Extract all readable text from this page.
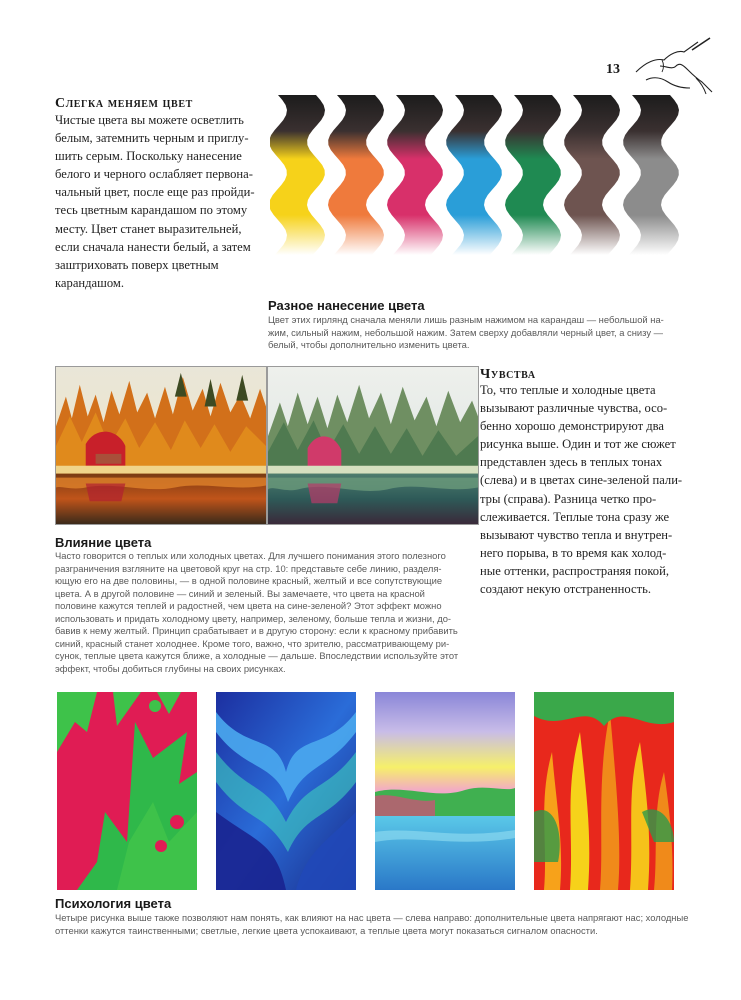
13
Слегка меняем цвет
Чистые цвета вы можете осветлить
белым, затемнить черным и приглу-
шить серым. Поскольку нанесение
белого и черного ослабляет первона-
чальный цвет, после еще раз пройди-
тесь цветным карандашом по этому
месту. Цвет станет выразительней,
если сначала нанести белый, а затем
заштриховать поверх цветным
карандашом.
Разное нанесение цвета
Цвет этих гирлянд сначала меняли лишь разным нажимом на карандаш — небольшой на-
жим, сильный нажим, небольшой нажим. Затем сверху добавляли черный цвет, а снизу —
белый, чтобы дополнительно изменить цвета.
Чувства
То, что теплые и холодные цвета
вызывают различные чувства, осо-
бенно хорошо демонстрируют два
рисунка выше. Один и тот же сюжет
представлен здесь в теплых тонах
(слева) и в цветах сине-зеленой пали-
тры (справа). Разница четко про-
слеживается. Теплые тона сразу же
вызывают чувство тепла и внутрен-
него порыва, в то время как холод-
ные оттенки, распространяя покой,
создают некую отстраненность.
Влияние цвета
Часто говорится о теплых или холодных цветах. Для лучшего понимания этого полезного
разграничения взгляните на цветовой круг на стр. 10: представьте себе линию, разделя-
ющую его на две половины, — в одной половине красный, желтый и все сопутствующие
цвета. А в другой половине — синий и зеленый. Вы замечаете, что цвета на красной
половине кажутся теплей и радостней, чем цвета на сине-зеленой? Этот эффект можно
использовать и придать холодному цвету, например, зеленому, больше тепла и жизни, до-
бавив к нему желтый. Принцип срабатывает и в другую сторону: если к красному прибавить
синий, красный станет холоднее. Кроме того, важно, что зрителю, рассматривающему ри-
сунок, теплые цвета кажутся ближе, а холодные — дальше. Впоследствии используйте этот
эффект, чтобы добиться глубины на своих рисунках.
Психология цвета
Четыре рисунка выше также позволяют нам понять, как влияют на нас цвета — слева направо: дополнительные цвета напрягают нас; холодные
оттенки кажутся таинственными; светлые, легкие цвета успокаивают, а теплые цвета могут показаться сигналом опасности.
